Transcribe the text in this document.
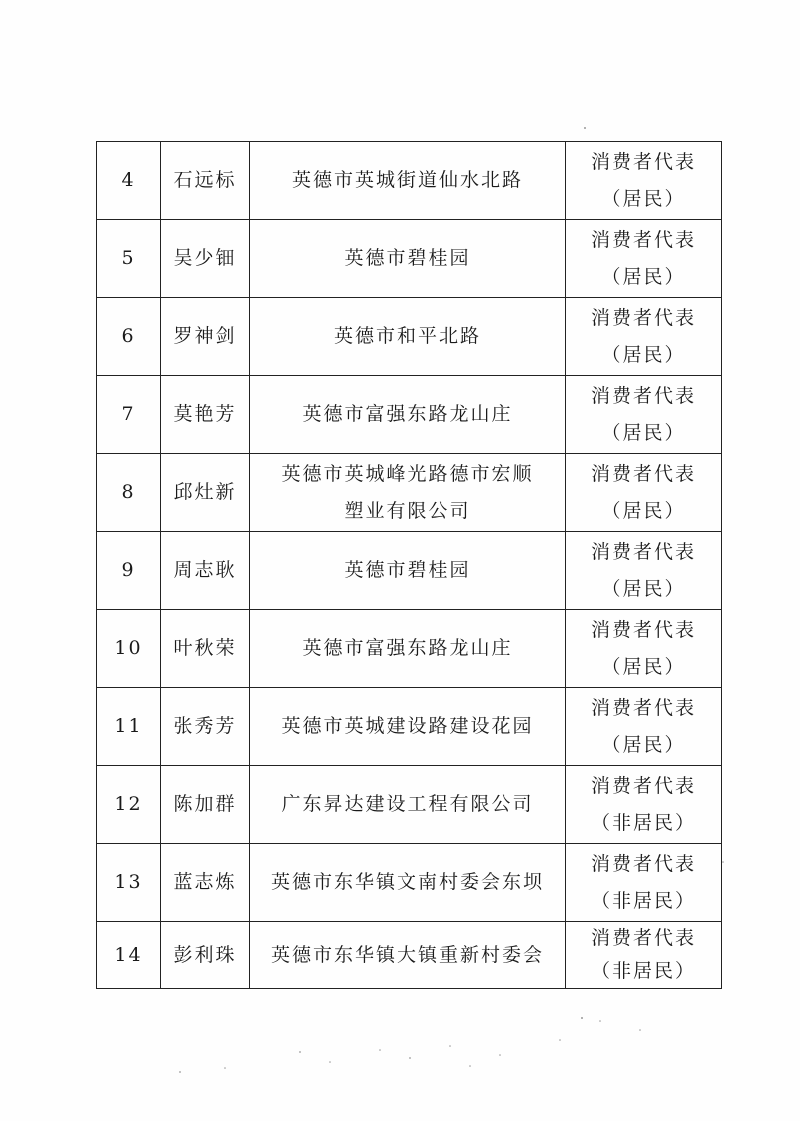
4	石远标	英德市英城街道仙水北路	消费者代表
（居民）

5	吴少钿	英德市碧桂园	消费者代表
（居民）

6	罗神剑	英德市和平北路	消费者代表
（居民）

7	莫艳芳	英德市富强东路龙山庄	消费者代表
（居民）

8	邱灶新	英德市英城峰光路德市宏顺
塑业有限公司	消费者代表
（居民）

9	周志耿	英德市碧桂园	消费者代表
（居民）

10	叶秋荣	英德市富强东路龙山庄	消费者代表
（居民）

11	张秀芳	英德市英城建设路建设花园	消费者代表
（居民）

12	陈加群	广东昇达建设工程有限公司	消费者代表
（非居民）

13	蓝志炼	英德市东华镇文南村委会东坝	消费者代表
（非居民）

14	彭利珠	英德市东华镇大镇重新村委会	消费者代表
（非居民）
